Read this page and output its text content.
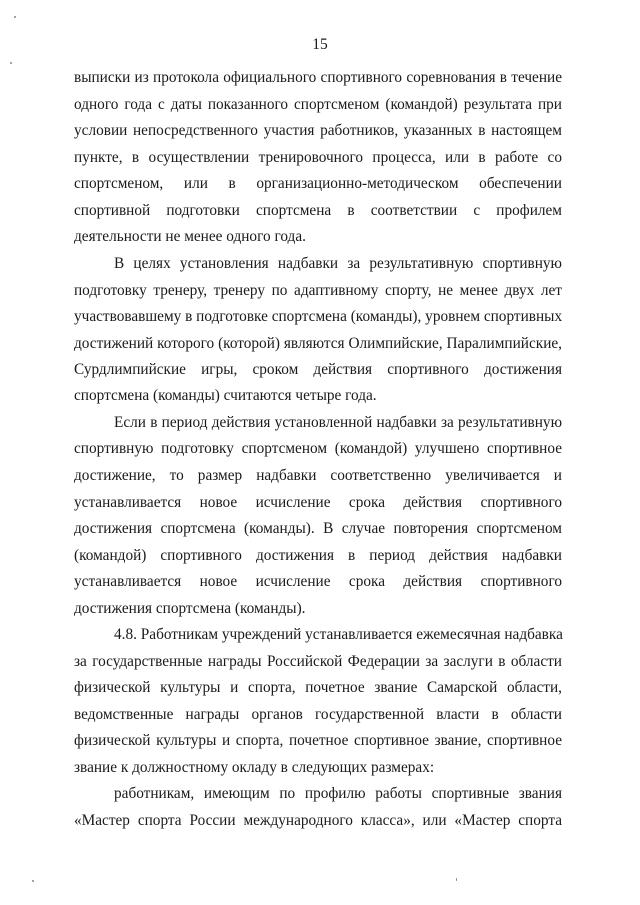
15
выписки из протокола официального спортивного соревнования в течение
одного года с даты показанного спортсменом (командой) результата при
условии непосредственного участия работников, указанных в настоящем
пункте, в осуществлении тренировочного процесса, или в работе со
спортсменом, или в организационно-методическом обеспечении
спортивной подготовки спортсмена в соответствии с профилем
деятельности не менее одного года.
В целях установления надбавки за результативную спортивную
подготовку тренеру, тренеру по адаптивному спорту, не менее двух лет
участвовавшему в подготовке спортсмена (команды), уровнем спортивных
достижений которого (которой) являются Олимпийские, Паралимпийские,
Сурдлимпийские игры, сроком действия спортивного достижения
спортсмена (команды) считаются четыре года.
Если в период действия установленной надбавки за результативную
спортивную подготовку спортсменом (командой) улучшено спортивное
достижение, то размер надбавки соответственно увеличивается и
устанавливается новое исчисление срока действия спортивного
достижения спортсмена (команды). В случае повторения спортсменом
(командой) спортивного достижения в период действия надбавки
устанавливается новое исчисление срока действия спортивного
достижения спортсмена (команды).
4.8. Работникам учреждений устанавливается ежемесячная надбавка
за государственные награды Российской Федерации за заслуги в области
физической культуры и спорта, почетное звание Самарской области,
ведомственные награды органов государственной власти в области
физической культуры и спорта, почетное спортивное звание, спортивное
звание к должностному окладу в следующих размерах:
работникам, имеющим по профилю работы спортивные звания
«Мастер спорта России международного класса», или «Мастер спорта
